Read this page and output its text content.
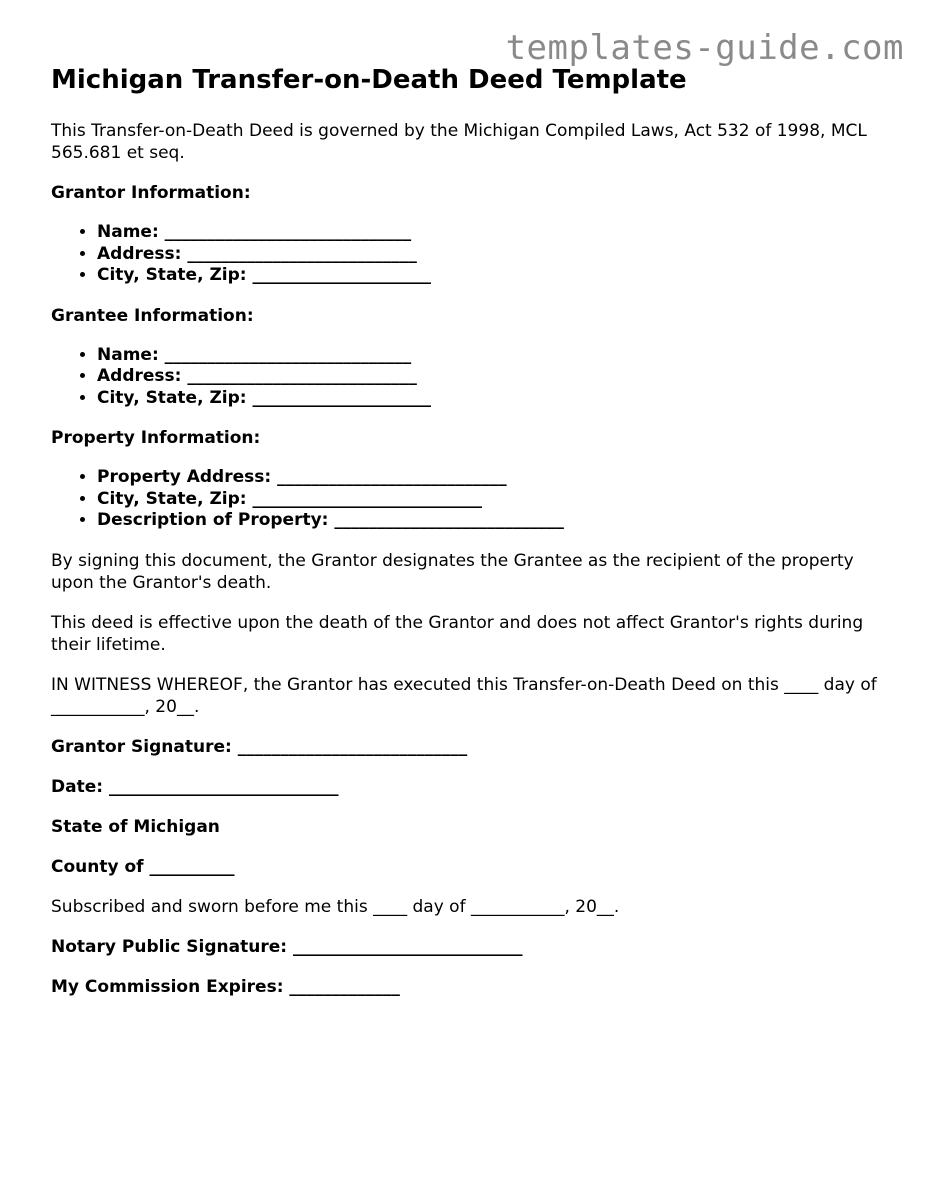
templates-guide.com
Michigan Transfer-on-Death Deed Template

This Transfer-on-Death Deed is governed by the Michigan Compiled Laws, Act 532 of 1998, MCL 565.681 et seq.

Grantor Information:

• Name: _____________________________
• Address: ___________________________
• City, State, Zip: _____________________

Grantee Information:

• Name: _____________________________
• Address: ___________________________
• City, State, Zip: _____________________

Property Information:

• Property Address: ___________________________
• City, State, Zip: ___________________________
• Description of Property: ___________________________

By signing this document, the Grantor designates the Grantee as the recipient of the property upon the Grantor's death.

This deed is effective upon the death of the Grantor and does not affect Grantor's rights during their lifetime.

IN WITNESS WHEREOF, the Grantor has executed this Transfer-on-Death Deed on this ____ day of ___________, 20__.

Grantor Signature: ___________________________

Date: ___________________________

State of Michigan

County of __________

Subscribed and sworn before me this ____ day of ___________, 20__.

Notary Public Signature: ___________________________

My Commission Expires: _____________
